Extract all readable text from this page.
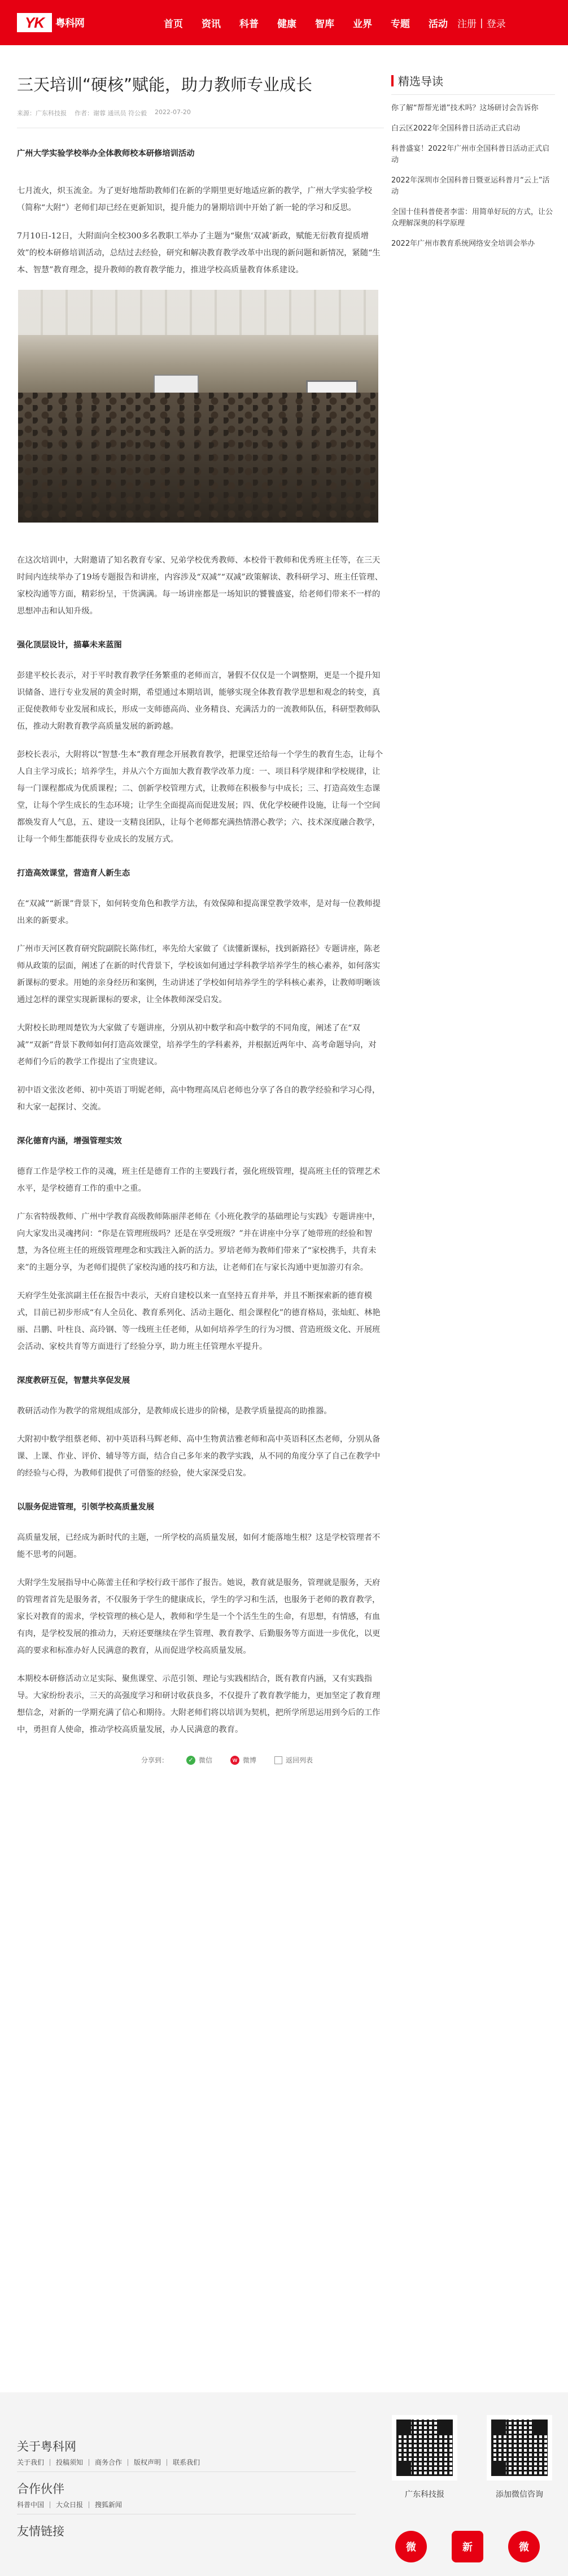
YK	粤科网	首页 资讯 科普 健康 智库 业界 专题 活动 注册 | 登录
三天培训“硬核”赋能，助力教师专业成长
来源：广东科技报 作者：谢蓉 通讯员 符公毅 2022-07-20

广州大学实验学校举办全体教师校本研修培训活动

七月流火，炽玉流金。为了更好地帮助教师们在新的学期里更好地适应新的教学，广州大学实验学校（简称“大附”）老师们却已经在更新知识，提升能力的暑期培训中开始了新一轮的学习和反思。

7月10日-12日，大附面向全校300多名教职工举办了主题为“聚焦‘双减’新政，赋能无衍教育提质增效”的校本研修培训活动，总结过去经验，研究和解决教育教学改革中出现的新问题和新情况，紧随“生本、智慧”教育理念，提升教师的教育教学能力，推进学校高质量教育体系建设。

在这次培训中，大附邀请了知名教育专家、兄弟学校优秀教师、本校骨干教师和优秀班主任等，在三天时间内连续举办了19场专题报告和讲座，内容涉及“双减”“双减”政策解读、教科研学习、班主任管理、家校沟通等方面，精彩纷呈，干货满满。每一场讲座都是一场知识的饕餮盛宴，给老师们带来不一样的思想冲击和认知升级。

强化顶层设计，描摹未来蓝图

彭建平校长表示，对于平时教育教学任务繁重的老师而言，暑假不仅仅是一个调整期，更是一个提升知识储备、进行专业发展的黄金时期，希望通过本期培训，能够实现全体教育教学思想和观念的转变，真正促使教师专业发展和成长，形成一支师德高尚、业务精良、充满活力的一流教师队伍，科研型教师队伍，推动大附教育教学高质量发展的新跨越。

彭校长表示，大附将以“智慧·生本”教育理念开展教育教学，把课堂还给每一个学生的教育生态，让每个人自主学习成长；培养学生，并从六个方面加大教育教学改革力度：一、项目科学规律和学校规律，让每一门课程都成为优质课程；二、创新学校管理方式，让教师在积极参与中成长；三、打造高效生态课堂，让每个学生成长的生态环境；让学生全面提高而促进发展；四、优化学校硬件设施，让每一个空间都焕发育人气息，五、建设一支精良团队，让每个老师都充满热情潜心教学；六、技术深度融合教学，让每一个师生都能获得专业成长的发展方式。

打造高效课堂，营造育人新生态

在“双减”“新课”背景下，如何转变角色和教学方法，有效保障和提高课堂教学效率，是对每一位教师提出来的新要求。

广州市天河区教育研究院副院长陈伟红，率先给大家做了《读懂新课标，找到新路径》专题讲座，陈老师从政策的层面，阐述了在新的时代背景下，学校该如何通过学科教学培养学生的核心素养，如何落实新课标的要求。用她的亲身经历和案例，生动讲述了学校如何培养学生的学科核心素养，让教师明晰该通过怎样的课堂实现新课标的要求，让全体教师深受启发。

大附校长助理周楚钦为大家做了专题讲座，分别从初中数学和高中数学的不同角度，阐述了在“双减”“双新”背景下教师如何打造高效课堂，培养学生的学科素养，并根据近两年中、高考命题导向，对老师们今后的教学工作提出了宝贵建议。

初中语文张汝老师、初中英语丁明妮老师，高中物理高凤启老师也分享了各自的教学经验和学习心得，和大家一起探讨、交流。

深化德育内涵，增强管理实效

德育工作是学校工作的灵魂，班主任是德育工作的主要践行者，强化班级管理，提高班主任的管理艺术水平，是学校德育工作的重中之重。

广东省特级教师、广州中学教育高级教师陈丽萍老师在《小班化教学的基础理论与实践》专题讲座中，向大家发出灵魂拷问：“你是在管理班级吗？还是在享受班级？”并在讲座中分享了她带班的经验和智慧，为各位班主任的班级管理理念和实践注入新的活力。罗培老师为教师们带来了“家校携手，共育未来”的主题分享，为老师们提供了家校沟通的技巧和方法，让老师们在与家长沟通中更加游刃有余。

天府学生处张滨副主任在报告中表示，天府自建校以来一直坚持五育并举，并且不断探索新的德育模式，目前已初步形成“有人全员化、教育系列化、活动主题化、组会课程化”的德育格局，张灿虹、林艳丽、吕鹏、叶柱良、高玲钢、等一线班主任老师，从如何培养学生的行为习惯、营造班级文化、开展班会活动、家校共育等方面进行了经验分享，助力班主任管理水平提升。

深度教研互促，智慧共享促发展

教研活动作为教学的常规组成部分，是教师成长进步的阶梯，是教学质量提高的助推器。

大附初中数学组蔡老师、初中英语科马辉老师、高中生物黄洁雅老师和高中英语科区杰老师，分别从备课、上课、作业、评价、辅导等方面，结合自己多年来的教学实践，从不同的角度分享了自己在教学中的经验与心得，为教师们提供了可借鉴的经验，使大家深受启发。

以服务促进管理，引领学校高质量发展

高质量发展，已经成为新时代的主题，一所学校的高质量发展，如何才能落地生根？这是学校管理者不能不思考的问题。

大附学生发展指导中心陈蕾主任和学校行政干部作了报告。她说，教育就是服务，管理就是服务，天府的管理者首先是服务者，不仅服务于学生的健康成长，学生的学习和生活，也服务于老师的教育教学，家长对教育的需求，学校管理的核心是人，教师和学生是一个个活生生的生命，有思想，有情感，有血有肉，是学校发展的推动力，天府还要继续在学生管理、教育教学、后勤服务等方面进一步优化，以更高的要求和标准办好人民满意的教育，从而促进学校高质量发展。

本期校本研修活动立足实际、聚焦课堂、示范引领、理论与实践相结合，既有教育内涵，又有实践指导。大家纷纷表示，三天的高强度学习和研讨收获良多，不仅提升了教育教学能力，更加坚定了教育理想信念，对新的一学期充满了信心和期待。大附老师们将以培训为契机，把所学所思运用到今后的工作中，勇担育人使命，推动学校高质量发展，办人民满意的教育。

分享到：	✓ 微信	w 微博	返回列表
精选导读
你了解“帮帮光谱”技术吗？这场研讨会告诉你
白云区2022年全国科普日活动正式启动
科普盛宴！2022年广州市全国科普日活动正式启动
2022年深圳市全国科普日暨亚运科普月“云上”活动
全国十佳科普使者李雷：用简单好玩的方式，让公众理解深奥的科学原理
2022年广州市教育系统网络安全培训会举办
关于粤科网
关于我们	投稿须知	商务合作	版权声明	联系我们
合作伙伴
科普中国	大众日报	搜狐新闻
友情链接
广东科技报	添加微信咨询
微	新	微
